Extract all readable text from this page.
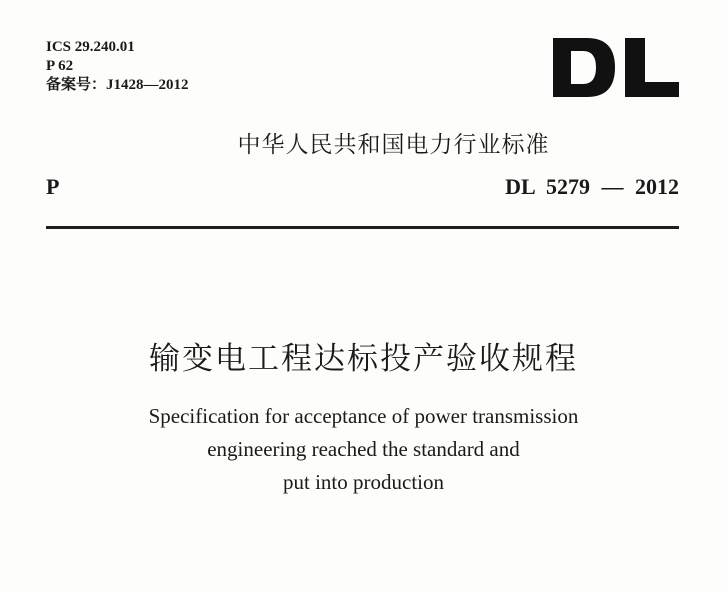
ICS 29.240.01
P 62
备案号：J1428—2012
中华人民共和国电力行业标准
P	DL 5279 — 2012
输变电工程达标投产验收规程
Specification for acceptance of power transmission
engineering reached the standard and
put into production
